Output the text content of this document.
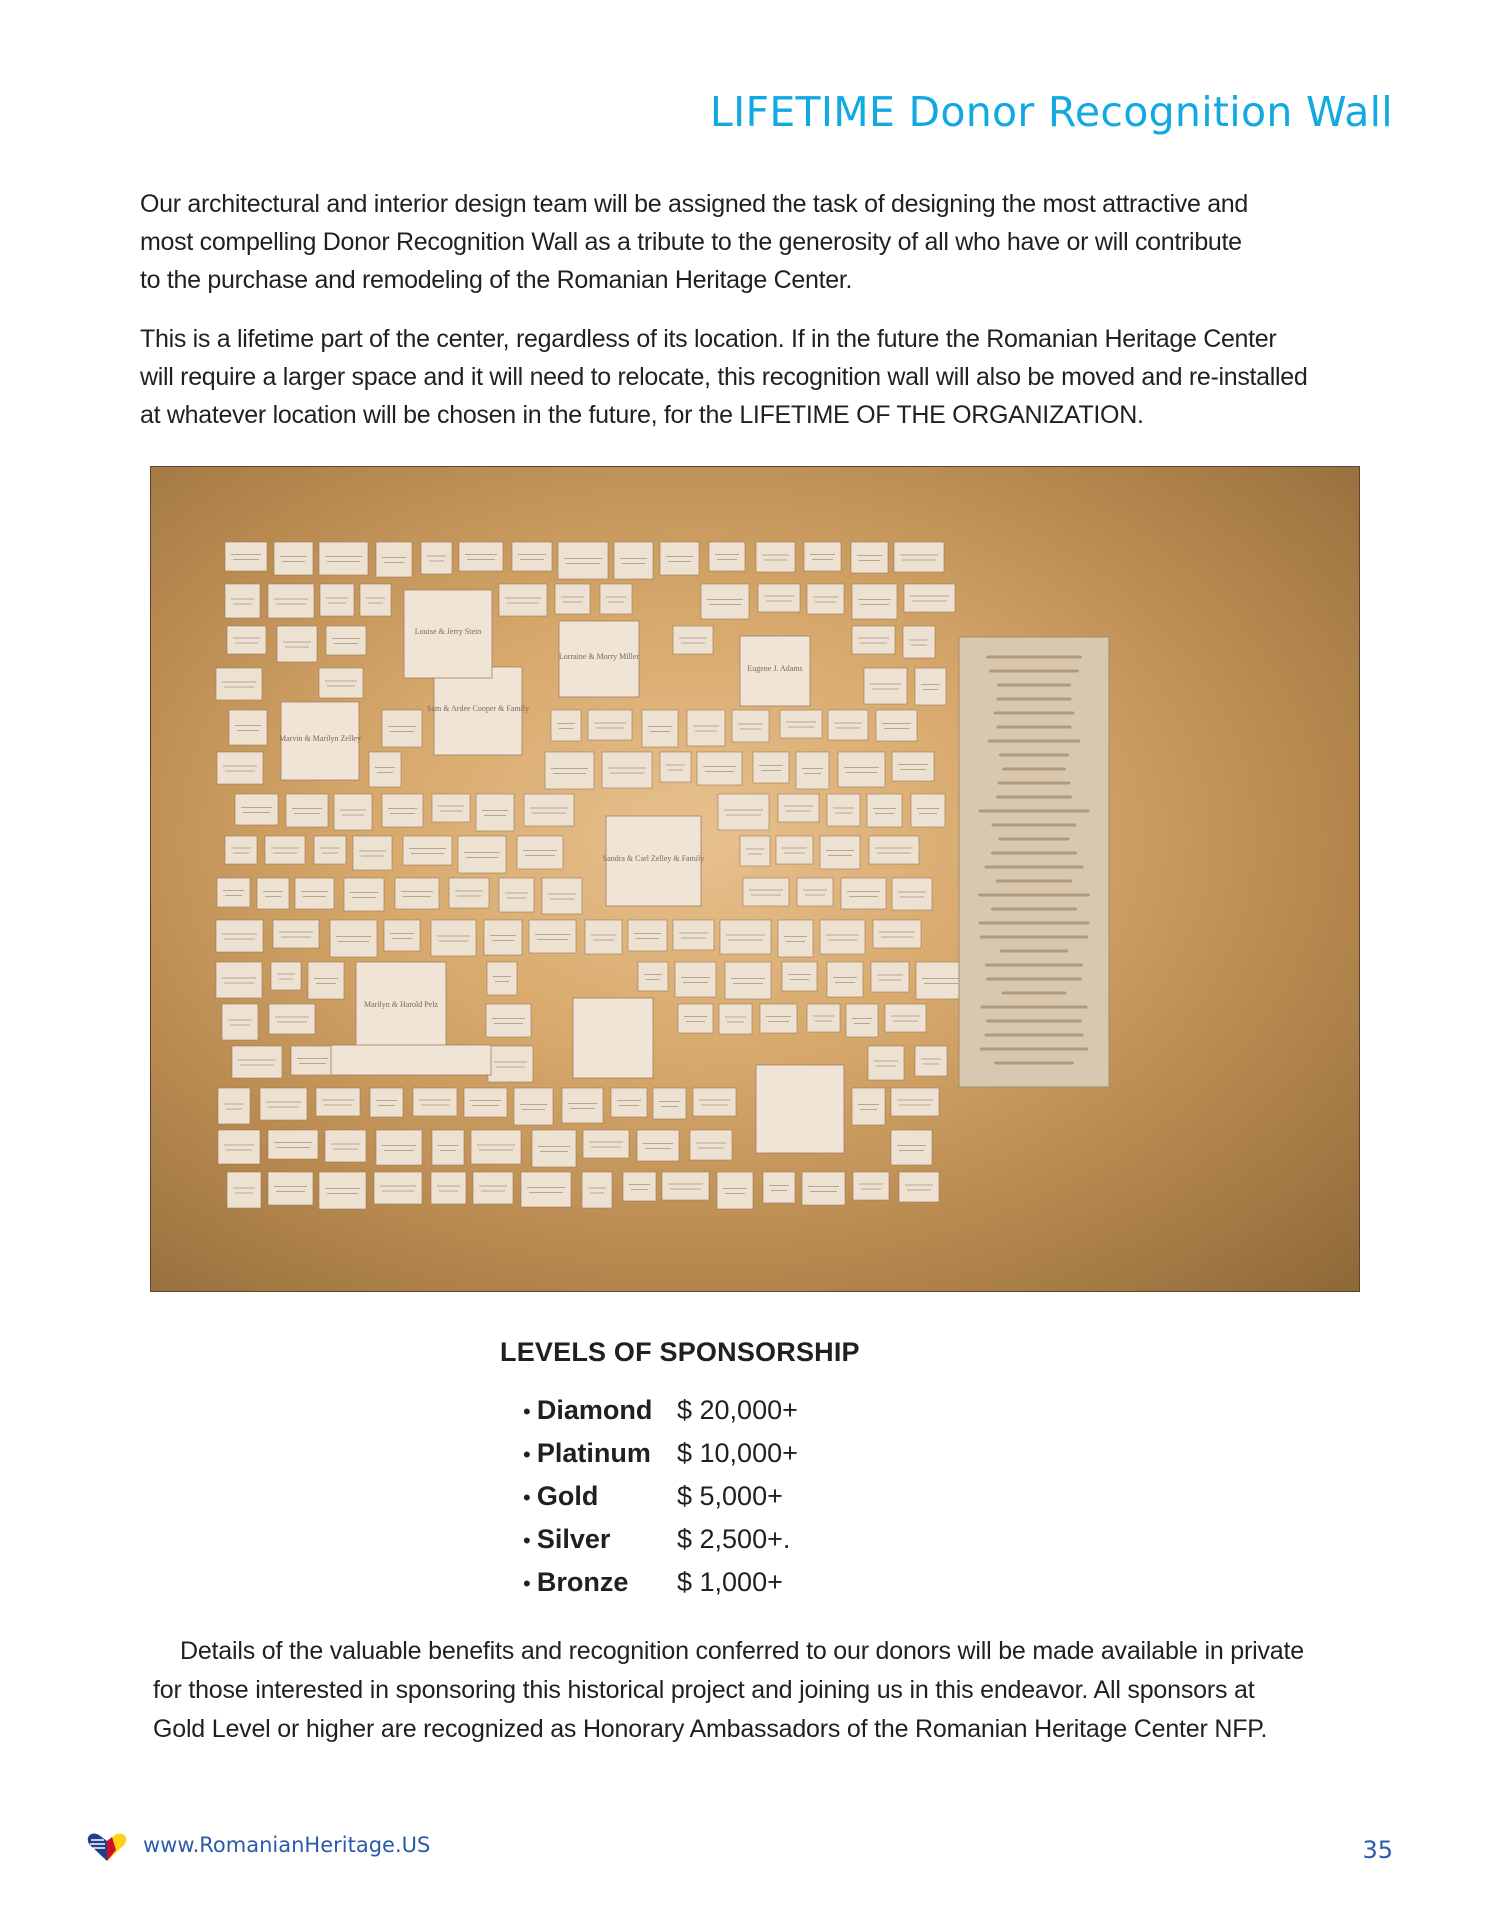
LIFETIME Donor Recognition Wall

Our architectural and interior design team will be assigned the task of designing the most attractive and
most compelling Donor Recognition Wall as a tribute to the generosity of all who have or will contribute
to the purchase and remodeling of the Romanian Heritage Center.

This is a lifetime part of the center, regardless of its location. If in the future the Romanian Heritage Center
will require a larger space and it will need to relocate, this recognition wall will also be moved and re-installed
at whatever location will be chosen in the future, for the LIFETIME OF THE ORGANIZATION.

Sam & Ardee Cooper & Family
Sandra & Carl Zelley & Family
Marvin & Marilyn Zelley
Lorraine & Morry Miller
Louise & Jerry Stein
Eugene J. Adams
Marilyn & Harold Pelz
LEVELS OF SPONSORSHIP
• Diamond $ 20,000+
• Platinum $ 10,000+
• Gold	$ 5,000+
• Silver $ 2,500+.
• Bronze $ 1,000+

Details of the valuable benefits and recognition conferred to our donors will be made available in private
for those interested in sponsoring this historical project and joining us in this endeavor. All sponsors at
Gold Level or higher are recognized as Honorary Ambassadors of the Romanian Heritage Center NFP.

www.RomanianHeritage.US	35
